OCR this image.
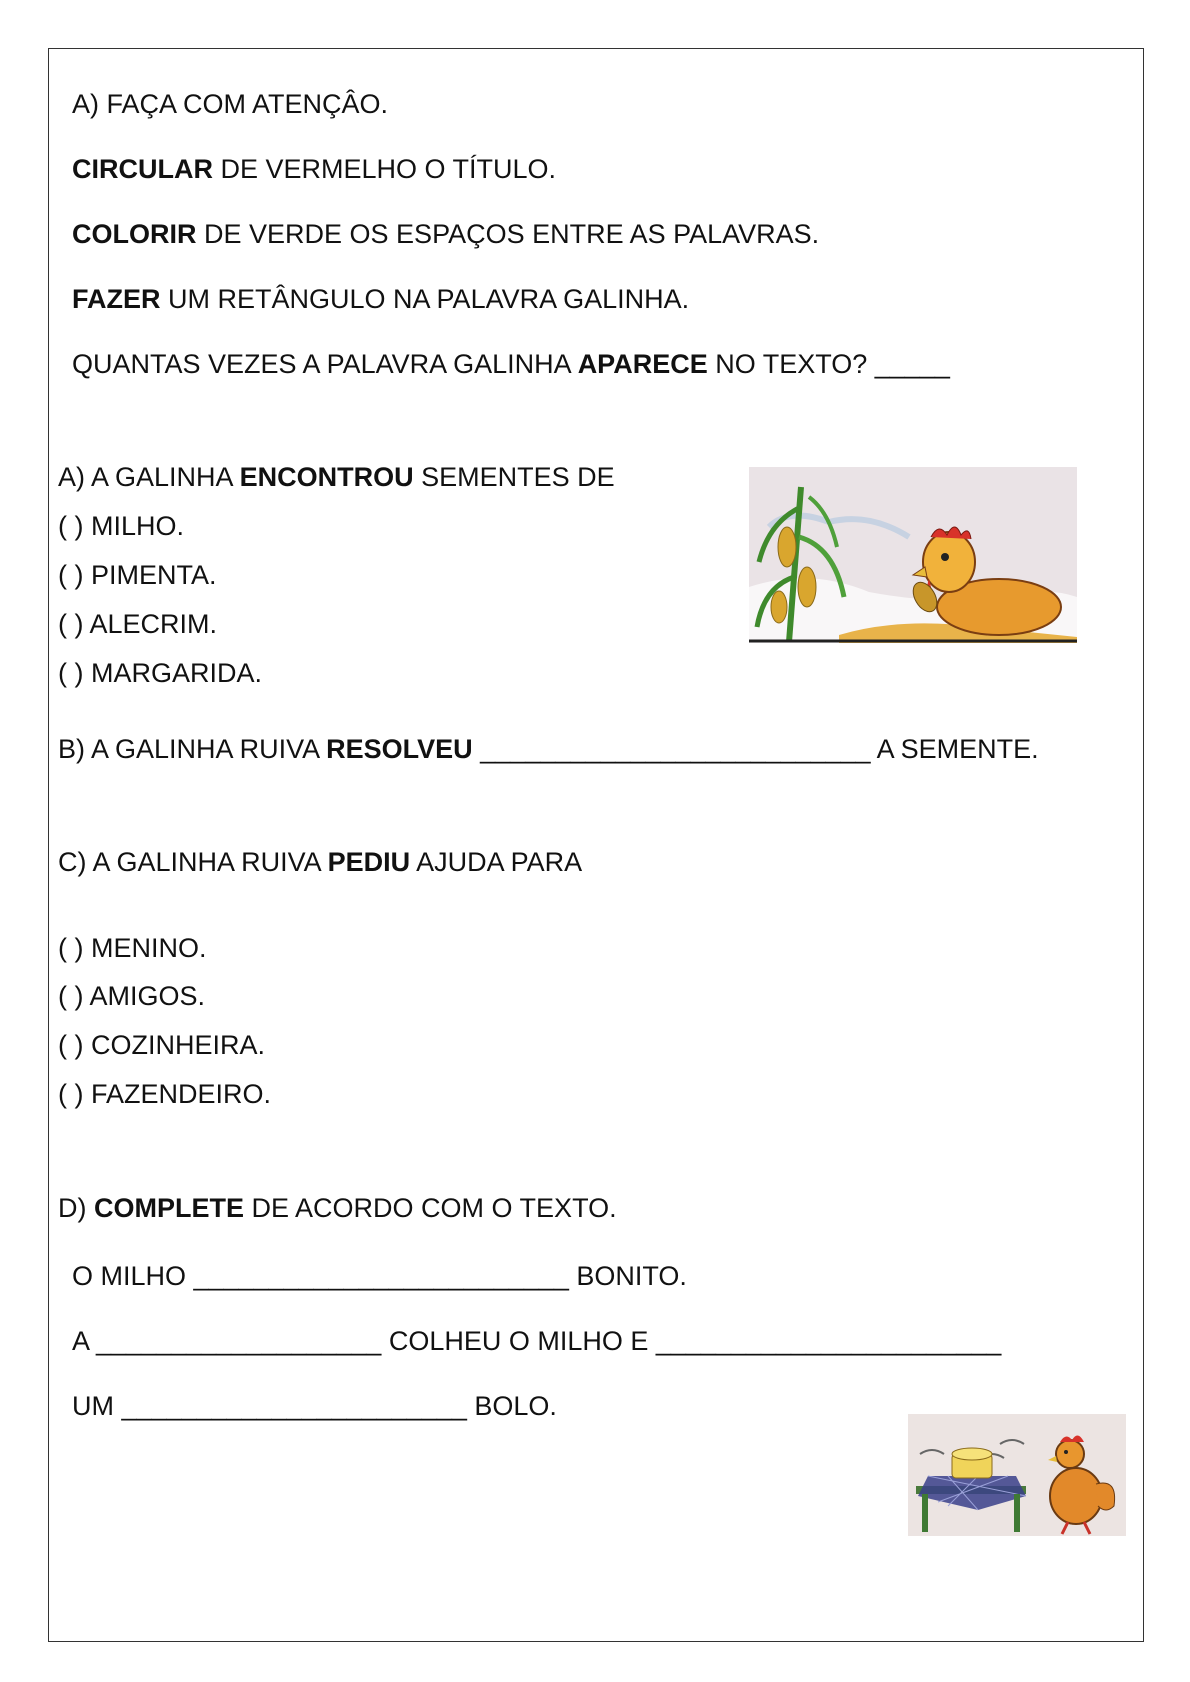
A) FAÇA COM ATENÇÂO.
CIRCULAR DE VERMELHO O TÍTULO.
COLORIR DE VERDE OS ESPAÇOS ENTRE AS PALAVRAS.
FAZER UM RETÂNGULO NA PALAVRA GALINHA.
QUANTAS VEZES A PALAVRA GALINHA APARECE NO TEXTO? _____
A) A GALINHA ENCONTROU SEMENTES DE
( ) MILHO.
( ) PIMENTA.
( ) ALECRIM.
( ) MARGARIDA.
B) A GALINHA RUIVA RESOLVEU __________________________ A SEMENTE.
C) A GALINHA RUIVA PEDIU AJUDA PARA
( ) MENINO.
( ) AMIGOS.
( ) COZINHEIRA.
( ) FAZENDEIRO.
D) COMPLETE DE ACORDO COM O TEXTO.
O MILHO _________________________ BONITO.
A ___________________ COLHEU O MILHO E _______________________
UM _______________________ BOLO.
